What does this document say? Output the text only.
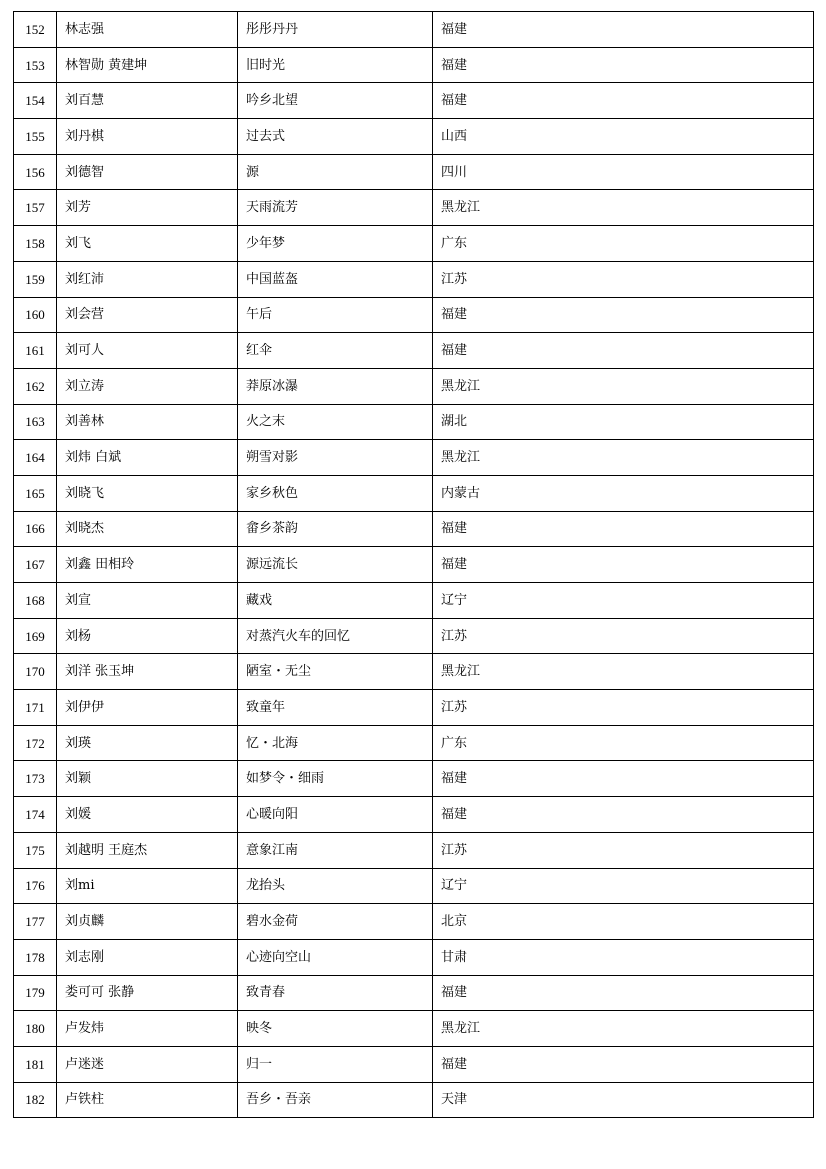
152	林志强	彤彤丹丹	福建
153	林智勋 黄建坤	旧时光	福建
154	刘百慧	吟乡北望	福建
155	刘丹棋	过去式	山西
156	刘德智	源	四川
157	刘芳	天雨流芳	黑龙江
158	刘飞	少年梦	广东
159	刘红沛	中国蓝盔	江苏
160	刘会营	午后	福建
161	刘可人	红伞	福建
162	刘立涛	莽原冰瀑	黑龙江
163	刘善林	火之末	湖北
164	刘炜 白斌	朔雪对影	黑龙江
165	刘晓飞	家乡秋色	内蒙古
166	刘晓杰	畲乡茶韵	福建
167	刘鑫 田相玲	源远流长	福建
168	刘宣	藏戏	辽宁
169	刘杨	对蒸汽火车的回忆	江苏
170	刘洋 张玉坤	陋室・无尘	黑龙江
171	刘伊伊	致童年	江苏
172	刘瑛	忆・北海	广东
173	刘颖	如梦令・细雨	福建
174	刘媛	心暖向阳	福建
175	刘越明 王庭杰	意象江南	江苏
176	刘mi	龙抬头	辽宁
177	刘贞麟	碧水金荷	北京
178	刘志刚	心迹向空山	甘肃
179	娄可可 张静	致青春	福建
180	卢发炜	映冬	黑龙江
181	卢迷迷	归一	福建
182	卢铁柱	吾乡・吾亲	天津
